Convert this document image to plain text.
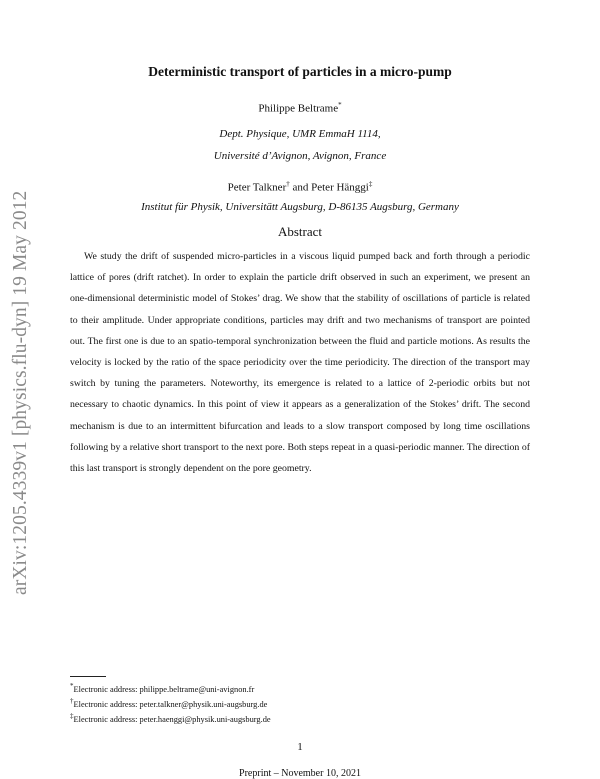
arXiv:1205.4339v1 [physics.flu-dyn] 19 May 2012
Deterministic transport of particles in a micro-pump
Philippe Beltrame*
Dept. Physique, UMR EmmaH 1114,
Université d’Avignon, Avignon, France
Peter Talkner† and Peter Hänggi‡
Institut für Physik, Universitätt Augsburg, D-86135 Augsburg, Germany
Abstract

We study the drift of suspended micro-particles in a viscous liquid pumped back and forth through a periodic lattice of pores (drift ratchet). In order to explain the particle drift observed in such an experiment, we present an one-dimensional deterministic model of Stokes’ drag. We show that the stability of oscillations of particle is related to their amplitude. Under appropriate conditions, particles may drift and two mechanisms of transport are pointed out. The first one is due to an spatio-temporal synchronization between the fluid and particle motions. As results the velocity is locked by the ratio of the space periodicity over the time periodicity. The direction of the transport may switch by tuning the parameters. Noteworthy, its emergence is related to a lattice of 2-periodic orbits but not necessary to chaotic dynamics. In this point of view it appears as a generalization of the Stokes’ drift. The second mechanism is due to an intermittent bifurcation and leads to a slow transport composed by long time oscillations following by a relative short transport to the next pore. Both steps repeat in a quasi-periodic manner. The direction of this last transport is strongly dependent on the pore geometry.

*Electronic address: philippe.beltrame@uni-avignon.fr
†Electronic address: peter.talkner@physik.uni-augsburg.de
‡Electronic address: peter.haenggi@physik.uni-augsburg.de
1
Preprint – November 10, 2021
